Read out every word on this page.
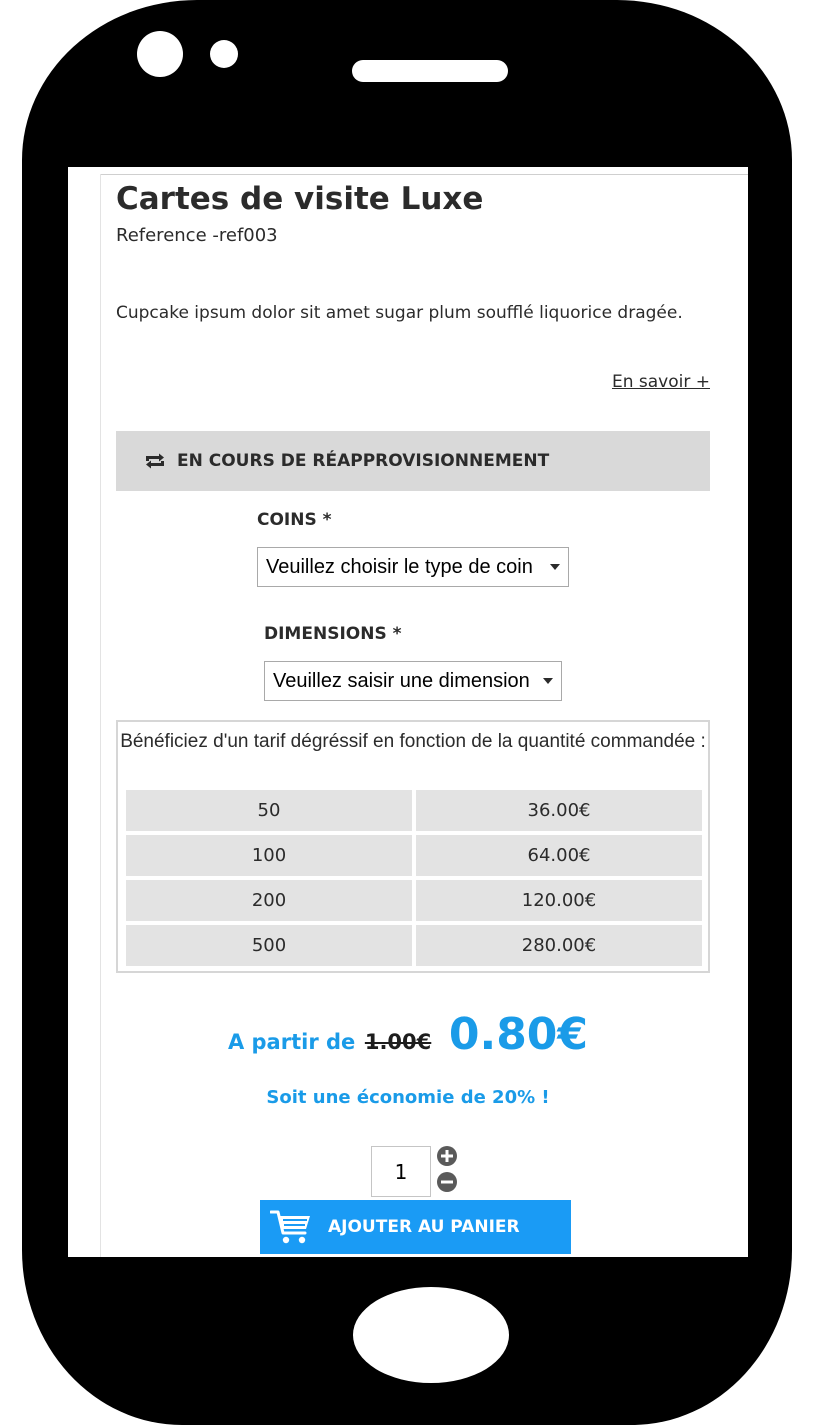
Cartes de visite Luxe
Reference -ref003
Cupcake ipsum dolor sit amet sugar plum soufflé liquorice dragée.
En savoir +
EN COURS DE RÉAPPROVISIONNEMENT
COINS *
Veuillez choisir le type de coin
DIMENSIONS *
Veuillez saisir une dimension
Bénéficiez d'un tarif dégréssif en fonction de la quantité commandée :
50	36.00€
100	64.00€
200	120.00€
500	280.00€
A partir de 1.00€ 0.80€
Soit une économie de 20% !
1
AJOUTER AU PANIER
